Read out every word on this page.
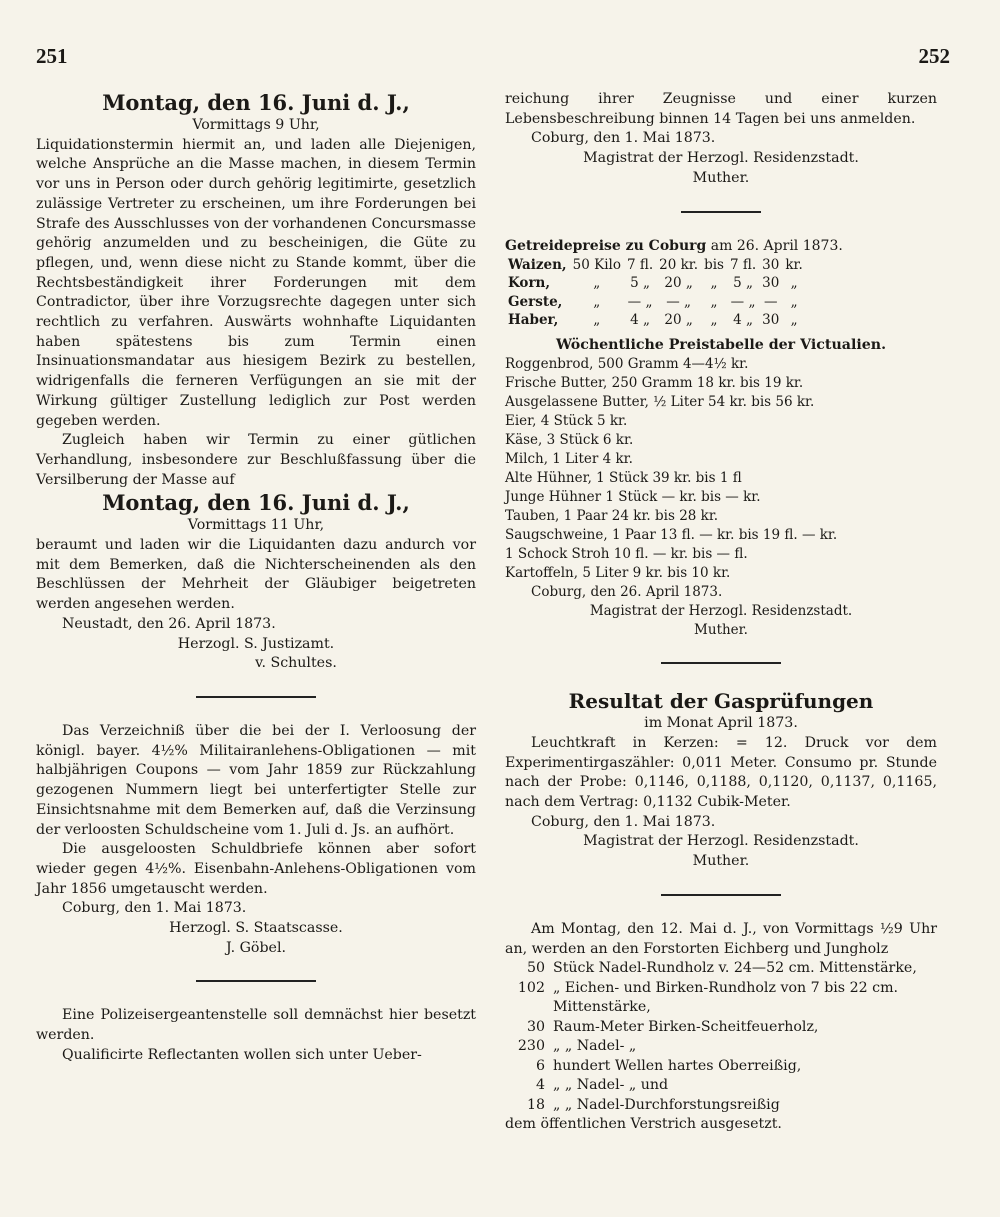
251	252

Montag, den 16. Juni d. J.,

Vormittags 9 Uhr,

Liquidationstermin hiermit an, und laden alle Diejenigen, welche Ansprüche an die Masse machen, in diesem Termin vor uns in Person oder durch gehörig legitimirte, gesetzlich zulässige Vertreter zu erscheinen, um ihre Forderungen bei Strafe des Ausschlusses von der vorhandenen Concursmasse gehörig anzumelden und zu bescheinigen, die Güte zu pflegen, und, wenn diese nicht zu Stande kommt, über die Rechtsbeständigkeit ihrer Forderungen mit dem Contradictor, über ihre Vorzugsrechte dagegen unter sich rechtlich zu verfahren. Auswärts wohnhafte Liquidanten haben spätestens bis zum Termin einen Insinuationsmandatar aus hiesigem Bezirk zu bestellen, widrigenfalls die ferneren Verfügungen an sie mit der Wirkung gültiger Zustellung lediglich zur Post werden gegeben werden.

Zugleich haben wir Termin zu einer gütlichen Verhandlung, insbesondere zur Beschlußfassung über die Versilberung der Masse auf

Montag, den 16. Juni d. J.,

Vormittags 11 Uhr,

beraumt und laden wir die Liquidanten dazu andurch vor mit dem Bemerken, daß die Nichterscheinenden als den Beschlüssen der Mehrheit der Gläubiger beigetreten werden angesehen werden.

Neustadt, den 26. April 1873.

Herzogl. S. Justizamt.

v. Schultes.

Das Verzeichniß über die bei der I. Verloosung der königl. bayer. 4½% Militairanlehens-Obligationen — mit halbjährigen Coupons — vom Jahr 1859 zur Rückzahlung gezogenen Nummern liegt bei unterfertigter Stelle zur Einsichtsnahme mit dem Bemerken auf, daß die Verzinsung der verloosten Schuldscheine vom 1. Juli d. Js. an aufhört.

Die ausgeloosten Schuldbriefe können aber sofort wieder gegen 4½%. Eisenbahn-Anlehens-Obligationen vom Jahr 1856 umgetauscht werden.

Coburg, den 1. Mai 1873.

Herzogl. S. Staatscasse.

J. Göbel.

Eine Polizeisergeantenstelle soll demnächst hier besetzt werden.

Qualificirte Reflectanten wollen sich unter Ueber-

reichung ihrer Zeugnisse und einer kurzen Lebensbeschreibung binnen 14 Tagen bei uns anmelden.

Coburg, den 1. Mai 1873.

Magistrat der Herzogl. Residenzstadt.

Muther.

Getreidepreise zu Coburg am 26. April 1873.

Waizen,	50 Kilo	7 fl.	20 kr.	bis	7 fl.	30	kr.
Korn,	„	5 „	20 „	„	5 „	30	„
Gerste,	„	— „	— „	„	— „	—	„
Haber,	„	4 „	20 „	„	4 „	30	„

Wöchentliche Preistabelle der Victualien.

Roggenbrod, 500 Gramm 4—4½ kr.

Frische Butter, 250 Gramm 18 kr. bis 19 kr.

Ausgelassene Butter, ½ Liter 54 kr. bis 56 kr.

Eier, 4 Stück 5 kr.

Käse, 3 Stück 6 kr.

Milch, 1 Liter 4 kr.

Alte Hühner, 1 Stück 39 kr. bis 1 fl

Junge Hühner 1 Stück — kr. bis — kr.

Tauben, 1 Paar 24 kr. bis 28 kr.

Saugschweine, 1 Paar 13 fl. — kr. bis 19 fl. — kr.

1 Schock Stroh 10 fl. — kr. bis — fl.

Kartoffeln, 5 Liter 9 kr. bis 10 kr.

Coburg, den 26. April 1873.

Magistrat der Herzogl. Residenzstadt.

Muther.

Resultat der Gasprüfungen

im Monat April 1873.

Leuchtkraft in Kerzen: = 12. Druck vor dem Experimentirgaszähler: 0,011 Meter. Consumo pr. Stunde nach der Probe: 0,1146, 0,1188, 0,1120, 0,1137, 0,1165, nach dem Vertrag: 0,1132 Cubik-Meter.

Coburg, den 1. Mai 1873.

Magistrat der Herzogl. Residenzstadt.

Muther.

Am Montag, den 12. Mai d. J., von Vormittags ½9 Uhr an, werden an den Forstorten Eichberg und Jungholz

50	Stück Nadel-Rundholz v. 24—52 cm. Mittenstärke,
102	„ Eichen- und Birken-Rundholz von 7 bis 22 cm. Mittenstärke,
30	Raum-Meter Birken-Scheitfeuerholz,
230	„ „ Nadel- „
6	hundert Wellen hartes Oberreißig,
4	„ „ Nadel- „ und
18	„ „ Nadel-Durchforstungsreißig

dem öffentlichen Verstrich ausgesetzt.
